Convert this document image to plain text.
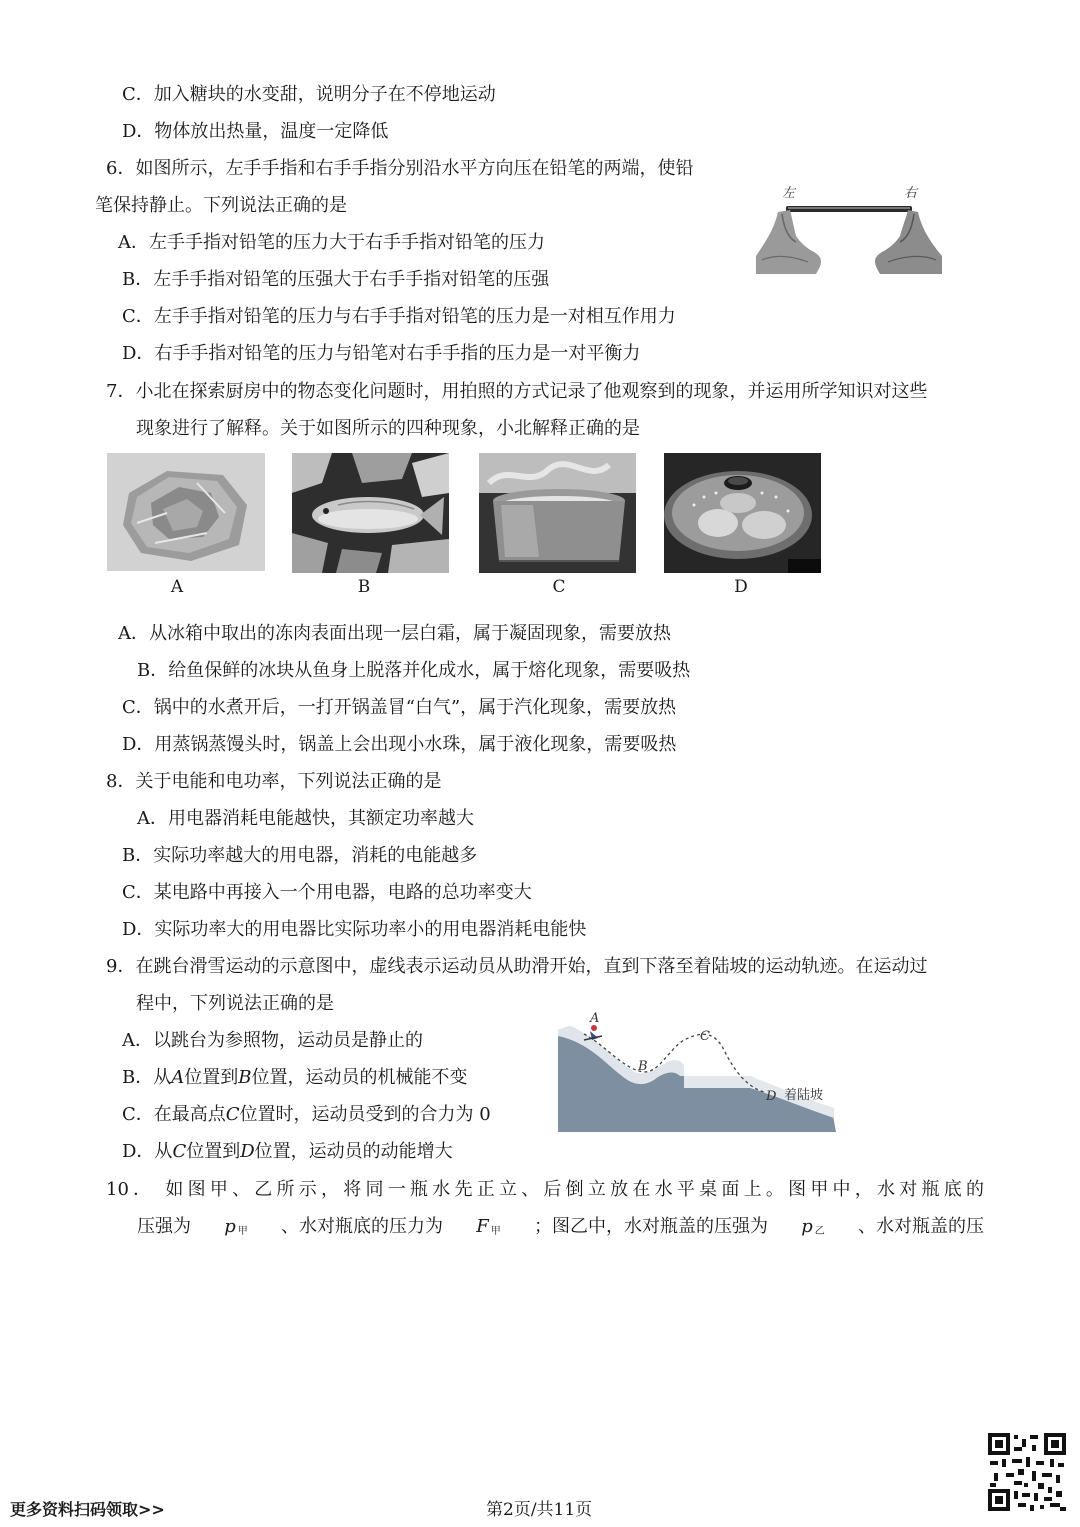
C．加入糖块的水变甜，说明分子在不停地运动
D．物体放出热量，温度一定降低
6．如图所示，左手手指和右手手指分别沿水平方向压在铅笔的两端，使铅
笔保持静止。下列说法正确的是
A．左手手指对铅笔的压力大于右手手指对铅笔的压力
B．左手手指对铅笔的压强大于右手手指对铅笔的压强
C．左手手指对铅笔的压力与右手手指对铅笔的压力是一对相互作用力
D．右手手指对铅笔的压力与铅笔对右手手指的压力是一对平衡力
左	右
7．小北在探索厨房中的物态变化问题时，用拍照的方式记录了他观察到的现象，并运用所学知识对这些
现象进行了解释。关于如图所示的四种现象，小北解释正确的是
A	B	C	D
A．从冰箱中取出的冻肉表面出现一层白霜，属于凝固现象，需要放热
B．给鱼保鲜的冰块从鱼身上脱落并化成水，属于熔化现象，需要吸热
C．锅中的水煮开后，一打开锅盖冒“白气”，属于汽化现象，需要放热
D．用蒸锅蒸馒头时，锅盖上会出现小水珠，属于液化现象，需要吸热
8．关于电能和电功率，下列说法正确的是
A．用电器消耗电能越快，其额定功率越大
B．实际功率越大的用电器，消耗的电能越多
C．某电路中再接入一个用电器，电路的总功率变大
D．实际功率大的用电器比实际功率小的用电器消耗电能快
9．在跳台滑雪运动的示意图中，虚线表示运动员从助滑开始，直到下落至着陆坡的运动轨迹。在运动过
程中，下列说法正确的是
A．以跳台为参照物，运动员是静止的
B．从A位置到B位置，运动员的机械能不变
C．在最高点C位置时，运动员受到的合力为 0
D．从C位置到D位置，运动员的动能增大
A
B
C
D 着陆坡
10． 如图甲、乙所示，将同一瓶水先正立、后倒立放在水平桌面上。图甲中，水对瓶底的
压强为 p $_甲$ 、水对瓶底的压力为 F $_甲$ ；图乙中，水对瓶盖的压强为 p $_乙$ 、水对瓶盖的压
更多资料扫码领取>>	第2页/共11页
